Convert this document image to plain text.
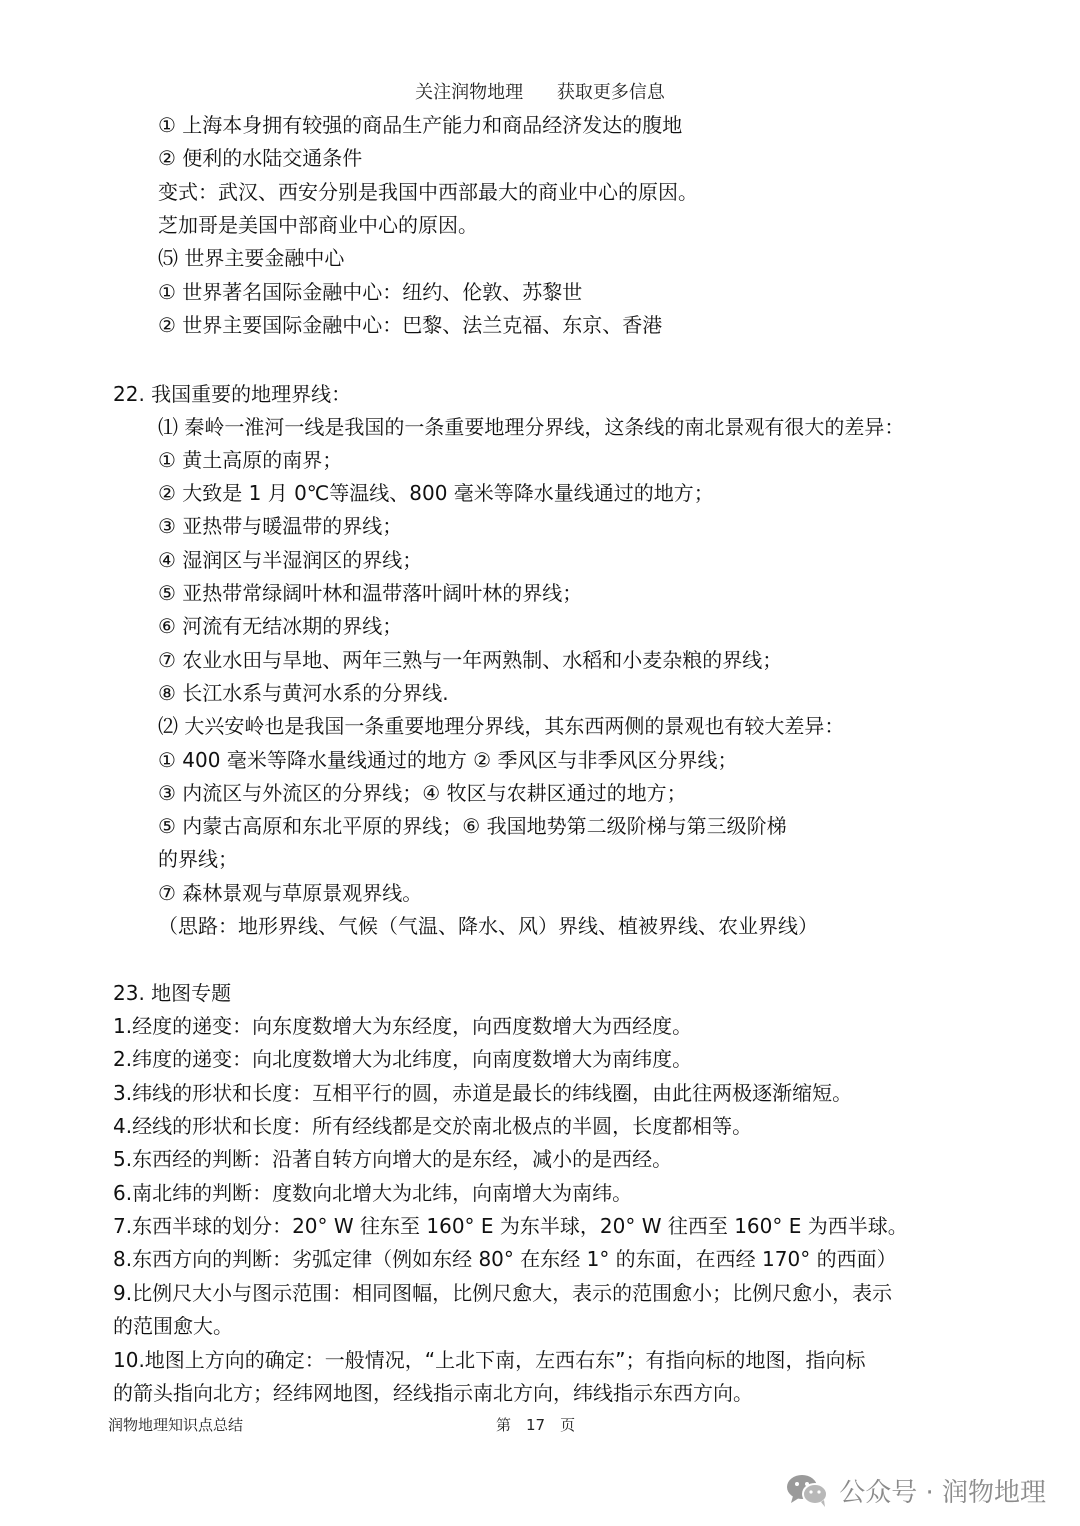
关注润物地理 获取更多信息
① 上海本身拥有较强的商品生产能力和商品经济发达的腹地
② 便利的水陆交通条件
变式：武汉、西安分别是我国中西部最大的商业中心的原因。
芝加哥是美国中部商业中心的原因。
⑸ 世界主要金融中心
① 世界著名国际金融中心：纽约、伦敦、苏黎世
② 世界主要国际金融中心：巴黎、法兰克福、东京、香港
22. 我国重要的地理界线：
⑴ 秦岭一淮河一线是我国的一条重要地理分界线，这条线的南北景观有很大的差异：
① 黄土高原的南界；
② 大致是 1 月 0℃等温线、800 毫米等降水量线通过的地方；
③ 亚热带与暖温带的界线；
④ 湿润区与半湿润区的界线；
⑤ 亚热带常绿阔叶林和温带落叶阔叶林的界线；
⑥ 河流有无结冰期的界线；
⑦ 农业水田与旱地、两年三熟与一年两熟制、水稻和小麦杂粮的界线；
⑧ 长江水系与黄河水系的分界线.
⑵ 大兴安岭也是我国一条重要地理分界线，其东西两侧的景观也有较大差异：
① 400 毫米等降水量线通过的地方 ② 季风区与非季风区分界线；
③ 内流区与外流区的分界线；④ 牧区与农耕区通过的地方；
⑤ 内蒙古高原和东北平原的界线；⑥ 我国地势第二级阶梯与第三级阶梯
的界线；
⑦ 森林景观与草原景观界线。
（思路：地形界线、气候（气温、降水、风）界线、植被界线、农业界线）
23. 地图专题
1.经度的递变：向东度数增大为东经度，向西度数增大为西经度。
2.纬度的递变：向北度数增大为北纬度，向南度数增大为南纬度。
3.纬线的形状和长度：互相平行的圆，赤道是最长的纬线圈，由此往两极逐渐缩短。
4.经线的形状和长度：所有经线都是交於南北极点的半圆，长度都相等。
5.东西经的判断：沿著自转方向增大的是东经，减小的是西经。
6.南北纬的判断：度数向北增大为北纬，向南增大为南纬。
7.东西半球的划分：20° W 往东至 160° E 为东半球，20° W 往西至 160° E 为西半球。
8.东西方向的判断：劣弧定律（例如东经 80° 在东经 1° 的东面，在西经 170° 的西面）
9.比例尺大小与图示范围：相同图幅，比例尺愈大，表示的范围愈小；比例尺愈小，表示
的范围愈大。
10.地图上方向的确定：一般情况，“上北下南，左西右东”；有指向标的地图，指向标
的箭头指向北方；经纬网地图，经线指示南北方向，纬线指示东西方向。
润物地理知识点总结	第　17　页
公众号 · 润物地理
